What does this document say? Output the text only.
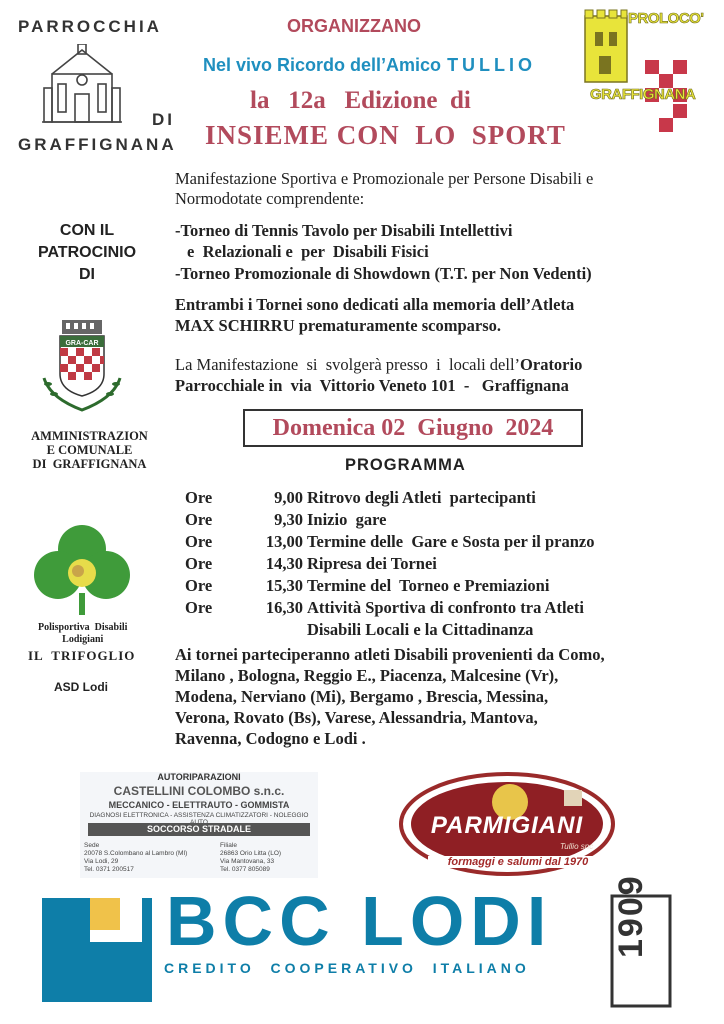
PARROCCHIA
DI
GRAFFIGNANA
ORGANIZZANO
Nel vivo Ricordo dell’Amico TULLIO
la   12a   Edizione  di
INSIEME CON  LO  SPORT
PROLOCO'
GRAFFIGNANA
Manifestazione Sportiva e Promozionale per Persone Disabili e
Normodotate comprendente:
-Torneo di Tennis Tavolo per Disabili Intellettivi
e  Relazionali e  per  Disabili Fisici
-Torneo Promozionale di Showdown (T.T. per Non Vedenti)
Entrambi i Tornei sono dedicati alla memoria dell’Atleta
MAX SCHIRRU prematuramente scomparso.
La Manifestazione  si  svolgerà presso  i  locali dell’Oratorio
Parrocchiale in  via  Vittorio Veneto 101  -   Graffignana
CON IL
PATROCINIO
DI
GRA-CAR
AMMINISTRAZION
E COMUNALE
DI  GRAFFIGNANA
Polisportiva  Disabili
Lodigiani
IL  TRIFOGLIO
ASD Lodi
Domenica 02  Giugno  2024
PROGRAMMA
Ore	9,00 Ritrovo degli Atleti  partecipanti
Ore	9,30 Inizio  gare
Ore	13,00 Termine delle  Gare e Sosta per il pranzo
Ore	14,30 Ripresa dei Tornei
Ore	15,30 Termine del  Torneo e Premiazioni
Ore	16,30 Attività Sportiva di confronto tra Atleti
Disabili Locali e la Cittadinanza
Ai tornei parteciperanno atleti Disabili provenienti da Como,
Milano , Bologna, Reggio E., Piacenza, Malcesine (Vr),
Modena, Nerviano (Mi), Bergamo , Brescia, Messina,
Verona, Rovato (Bs), Varese, Alessandria, Mantova,
Ravenna, Codogno e Lodi .
AUTORIPARAZIONI
CASTELLINI COLOMBO s.n.c.
MECCANICO - ELETTRAUTO - GOMMISTA
DIAGNOSI ELETTRONICA - ASSISTENZA CLIMATIZZATORI - NOLEGGIO
SOCCORSO STRADALE
Sede
20078 S.Colombano al Lambro (MI)
Via Lodi, 29
Tel. 0371 200517
Filiale
26863 Orio Litta (LO)
Via Mantovana, 33
Tel. 0377 805089
PARMIGIANI
Tullio snc
formaggi e salumi dal 1970
BCC LODI
CREDITO  COOPERATIVO  ITALIANO
1909
